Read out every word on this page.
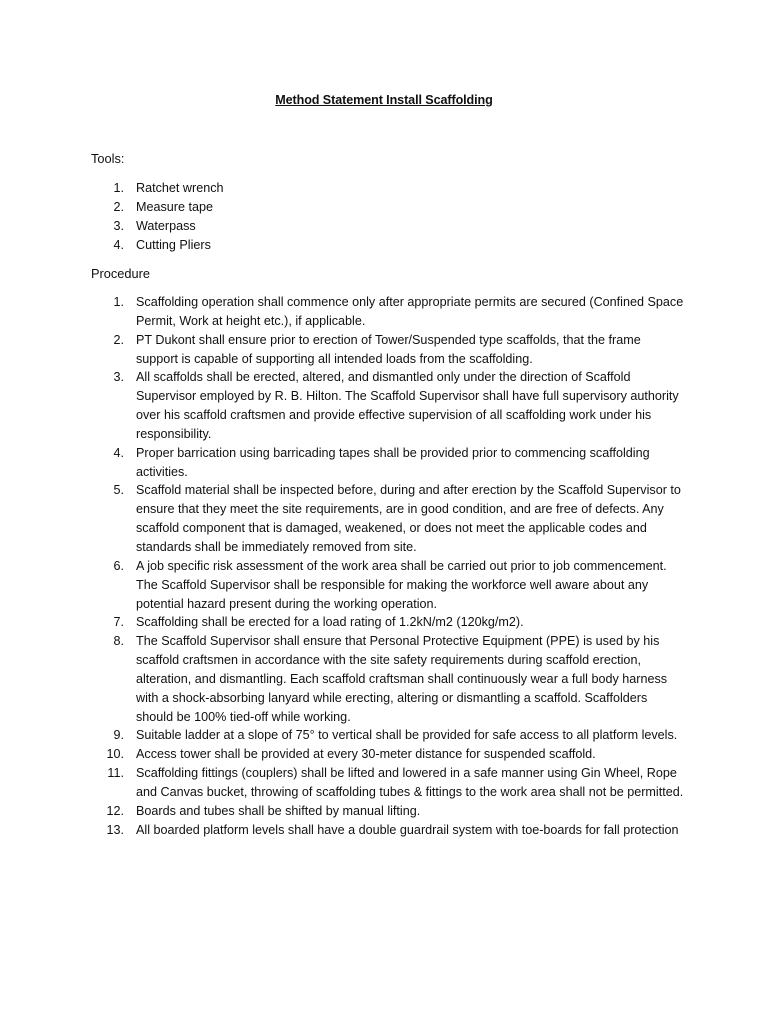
Method Statement Install Scaffolding
Tools:
1. Ratchet wrench
2. Measure tape
3. Waterpass
4. Cutting Pliers
Procedure
1. Scaffolding operation shall commence only after appropriate permits are secured (Confined Space Permit, Work at height etc.), if applicable.
2. PT Dukont shall ensure prior to erection of Tower/Suspended type scaffolds, that the frame support is capable of supporting all intended loads from the scaffolding.
3. All scaffolds shall be erected, altered, and dismantled only under the direction of Scaffold Supervisor employed by R. B. Hilton. The Scaffold Supervisor shall have full supervisory authority over his scaffold craftsmen and provide effective supervision of all scaffolding work under his responsibility.
4. Proper barrication using barricading tapes shall be provided prior to commencing scaffolding activities.
5. Scaffold material shall be inspected before, during and after erection by the Scaffold Supervisor to ensure that they meet the site requirements, are in good condition, and are free of defects. Any scaffold component that is damaged, weakened, or does not meet the applicable codes and standards shall be immediately removed from site.
6. A job specific risk assessment of the work area shall be carried out prior to job commencement. The Scaffold Supervisor shall be responsible for making the workforce well aware about any potential hazard present during the working operation.
7. Scaffolding shall be erected for a load rating of 1.2kN/m2 (120kg/m2).
8. The Scaffold Supervisor shall ensure that Personal Protective Equipment (PPE) is used by his scaffold craftsmen in accordance with the site safety requirements during scaffold erection, alteration, and dismantling. Each scaffold craftsman shall continuously wear a full body harness with a shock-absorbing lanyard while erecting, altering or dismantling a scaffold. Scaffolders should be 100% tied-off while working.
9. Suitable ladder at a slope of 75° to vertical shall be provided for safe access to all platform levels.
10. Access tower shall be provided at every 30-meter distance for suspended scaffold.
11. Scaffolding fittings (couplers) shall be lifted and lowered in a safe manner using Gin Wheel, Rope and Canvas bucket, throwing of scaffolding tubes & fittings to the work area shall not be permitted.
12. Boards and tubes shall be shifted by manual lifting.
13. All boarded platform levels shall have a double guardrail system with toe-boards for fall protection
